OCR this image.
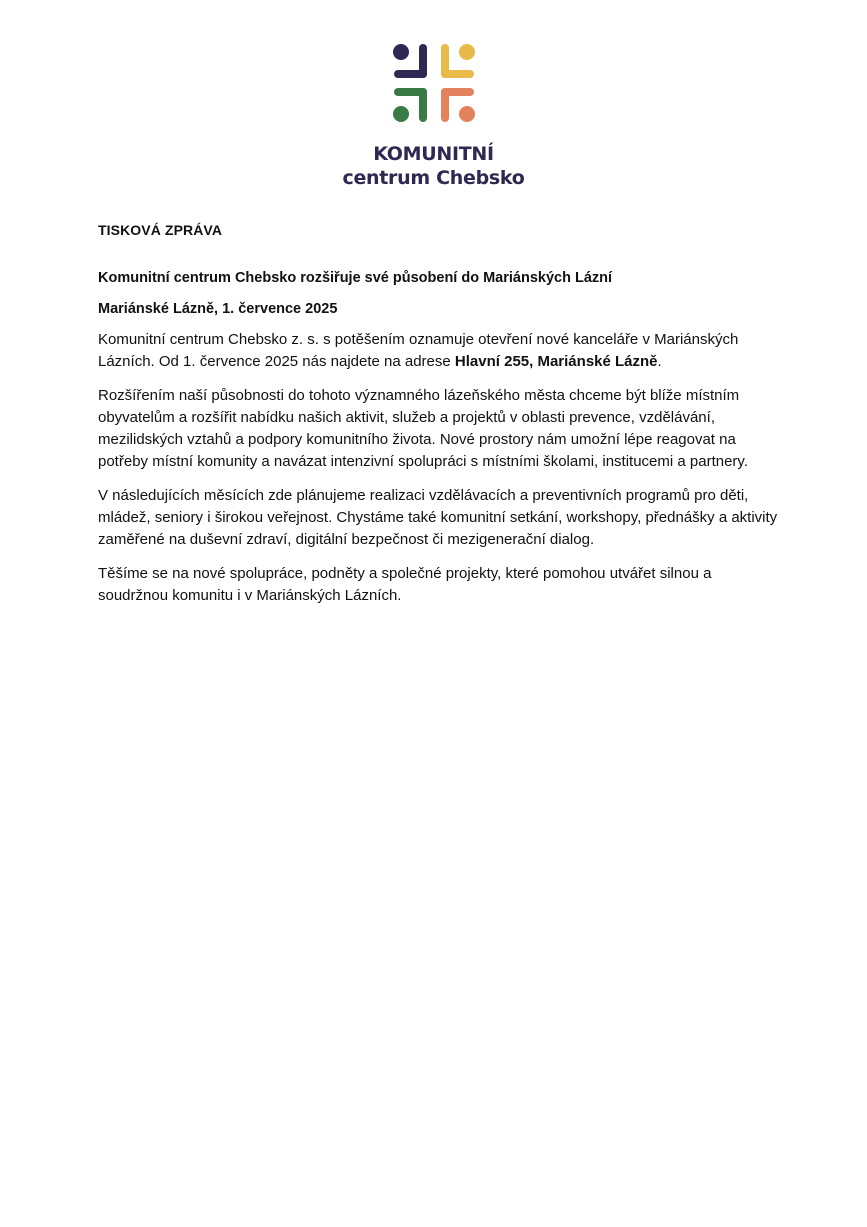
KOMUNITNÍ
centrum Chebsko
TISKOVÁ ZPRÁVA
Komunitní centrum Chebsko rozšiřuje své působení do Mariánských Lázní
Mariánské Lázně, 1. července 2025

Komunitní centrum Chebsko z. s. s potěšením oznamuje otevření nové kanceláře v Mariánských Lázních. Od 1. července 2025 nás najdete na adrese Hlavní 255, Mariánské Lázně.

Rozšířením naší působnosti do tohoto významného lázeňského města chceme být blíže místním obyvatelům a rozšířit nabídku našich aktivit, služeb a projektů v oblasti prevence, vzdělávání, mezilidských vztahů a podpory komunitního života. Nové prostory nám umožní lépe reagovat na potřeby místní komunity a navázat intenzivní spolupráci s místními školami, institucemi a partnery.

V následujících měsících zde plánujeme realizaci vzdělávacích a preventivních programů pro děti, mládež, seniory i širokou veřejnost. Chystáme také komunitní setkání, workshopy, přednášky a aktivity zaměřené na duševní zdraví, digitální bezpečnost či mezigenerační dialog.

Těšíme se na nové spolupráce, podněty a společné projekty, které pomohou utvářet silnou a soudržnou komunitu i v Mariánských Lázních.
